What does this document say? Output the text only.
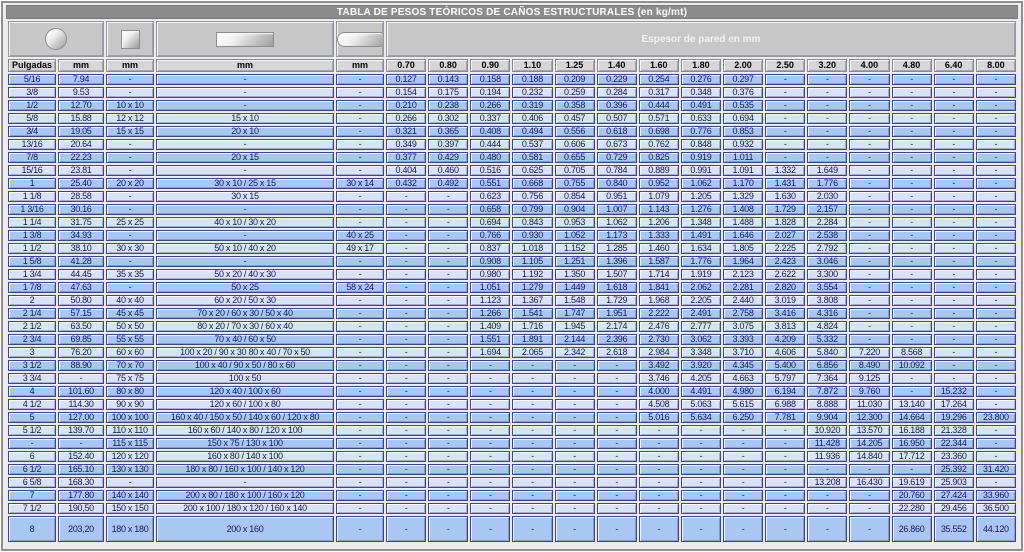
TABLA DE PESOS TEÓRICOS DE CAÑOS ESTRUCTURALES (en kg/mt)

		Espesor de pared en mm														
Pulgadas	mm	mm	mm	mm	0.70	0.80	0.90	1.10	1.25	1.40	1.60	1.80	2.00	2.50	3.20	4.00	4.80	6.40	8.00
5/16	7.94	-	-	-	0.127	0.143	0.158	0.188	0.209	0.229	0.254	0.276	0.297	-	-	-	-	-	-
3/8	9.53	-	-	-	0.154	0.175	0.194	0.232	0.259	0.284	0.317	0.348	0.376	-	-	-	-	-	-
1/2	12.70	10 x 10	-	-	0.210	0.238	0.266	0.319	0.358	0.396	0.444	0.491	0.535	-	-	-	-	-	-
5/8	15.88	12 x 12	15 x 10	-	0.266	0.302	0.337	0.406	0.457	0.507	0.571	0.633	0.694	-	-	-	-	-	-
3/4	19.05	15 x 15	20 x 10	-	0.321	0.365	0.408	0.494	0.556	0.618	0.698	0.776	0.853	-	-	-	-	-	-
13/16	20.64	-	-	-	0.349	0.397	0.444	0.537	0.606	0.673	0.762	0.848	0.932	-	-	-	-	-	-
7/8	22.23	-	20 x 15	-	0.377	0.429	0.480	0.581	0.655	0.729	0.825	0.919	1.011	-	-	-	-	-	-
15/16	23.81	-	-	-	0.404	0.460	0.516	0.625	0.705	0.784	0.889	0.991	1.091	1.332	1.649	-	-	-	-
1	25.40	20 x 20	30 x 10 / 25 x 15	30 x 14	0.432	0.492	0.551	0.668	0.755	0.840	0.952	1.062	1.170	1.431	1.776	-	-	-	-
1 1/8	28.58	-	30 x 15	-	-	-	0.623	0.756	0.854	0.951	1.079	1.205	1.329	1.630	2.030	-	-	-	-
1 3/16	30.16	-	-	-	-	-	0.658	0.799	0.904	1.007	1.143	1.276	1.408	1.729	2.157	-	-	-	-
1 1/4	31.75	25 x 25	40 x 10 / 30 x 20	-	-	-	0.694	0.843	0.953	1.062	1.206	1.348	1.488	1.828	2.284	-	-	-	-
1 3/8	34.93	-	-	40 x 25	-	-	0.766	0.930	1.052	1.173	1.333	1.491	1.646	2.027	2.538	-	-	-	-
1 1/2	38.10	30 x 30	50 x 10 / 40 x 20	49 x 17	-	-	0.837	1.018	1.152	1.285	1.460	1.634	1.805	2.225	2.792	-	-	-	-
1 5/8	41.28	-	-	-	-	-	0.908	1.105	1.251	1.396	1.587	1.776	1.964	2.423	3.046	-	-	-	-
1 3/4	44.45	35 x 35	50 x 20 / 40 x 30	-	-	-	0.980	1.192	1.350	1.507	1.714	1.919	2.123	2.622	3.300	-	-	-	-
1 7/8	47.63	-	50 x 25	58 x 24	-	-	1.051	1.279	1.449	1.618	1.841	2.062	2.281	2.820	3.554	-	-	-	-
2	50.80	40 x 40	60 x 20 / 50 x 30	-	-	-	1.123	1.367	1.548	1.729	1.968	2.205	2.440	3.019	3.808	-	-	-	-
2 1/4	57.15	45 x 45	70 x 20 / 60 x 30 / 50 x 40	-	-	-	1.266	1.541	1.747	1.951	2.222	2.491	2.758	3.416	4.316	-	-	-	-
2 1/2	63.50	50 x 50	80 x 20 / 70 x 30 / 60 x 40	-	-	-	1.409	1.716	1.945	2.174	2.476	2.777	3.075	3.813	4.824	-	-	-	-
2 3/4	69.85	55 x 55	70 x 40 / 60 x 50	-	-	-	1.551	1.891	2.144	2.396	2.730	3.062	3.393	4.209	5.332	-	-	-	-
3	76.20	60 x 60	100 x 20 / 90 x 30 80 x 40 / 70 x 50	-	-	-	1.694	2.065	2.342	2.618	2.984	3.348	3.710	4.606	5.840	7.220	8.568	-	-
3 1/2	88.90	70 x 70	100 x 40 / 90 x 50 / 80 x 60	-	-	-	-	-	-	-	3.492	3.920	4.345	5.400	6.856	8.490	10.092	-	-
3 3/4	-	75 x 75	100 x 50	-	-	-	-	-	-	-	3.746	4.205	4.663	5.797	7.364	9.125	-	-	-
4	101.60	80 x 80	120 x 40 / 100 x 60	-	-	-	-	-	-	-	4.000	4.491	4.980	6.194	7.872	9.760	-	15.232	-
4 1/2	114.30	90 x 90	120 x 60 / 100 x 80	-	-	-	-	-	-	-	4.508	5.063	5.615	6.988	8.888	11.030	13.140	17.264	-
5	127.00	100 x 100	160 x 40 / 150 x 50 / 140 x 60 / 120 x 80	-	-	-	-	-	-	-	5.016	5.634	6.250	7.781	9.904	12.300	14.664	19.296	23.800
5 1/2	139.70	110 x 110	160 x 60 / 140 x 80 / 120 x 100	-	-	-	-	-	-	-	-	-	-	-	10.920	13.570	16.188	21.328	-
-	-	115 x 115	150 x 75 / 130 x 100	-	-	-	-	-	-	-	-	-	-	-	11.428	14.205	16.950	22.344	-
6	152.40	120 x 120	160 x 80 / 140 x 100	-	-	-	-	-	-	-	-	-	-	-	11.936	14.840	17.712	23.360	-
6 1/2	165.10	130 x 130	180 x 80 / 160 x 100 / 140 x 120	-	-	-	-	-	-	-	-	-	-	-	-	-	-	25.392	31.420
6 5/8	168.30	-	-	-	-	-	-	-	-	-	-	-	-	-	13.208	16.430	19.619	25.903	-
7	177.80	140 x 140	200 x 80 / 180 x 100 / 160 x 120	-	-	-	-	-	-	-	-	-	-	-	-	-	20.760	27.424	33.960
7 1/2	190,50	150 x 150	200 x 100 / 180 x 120 / 160 x 140	-	-	-	-	-	-	-	-	-	-	-	-	-	22.280	29.456	36.500
8	203,20	180 x 180	200 x 160	-	-	-	-	-	-	-	-	-	-	-	-	-	26.860	35.552	44.120
